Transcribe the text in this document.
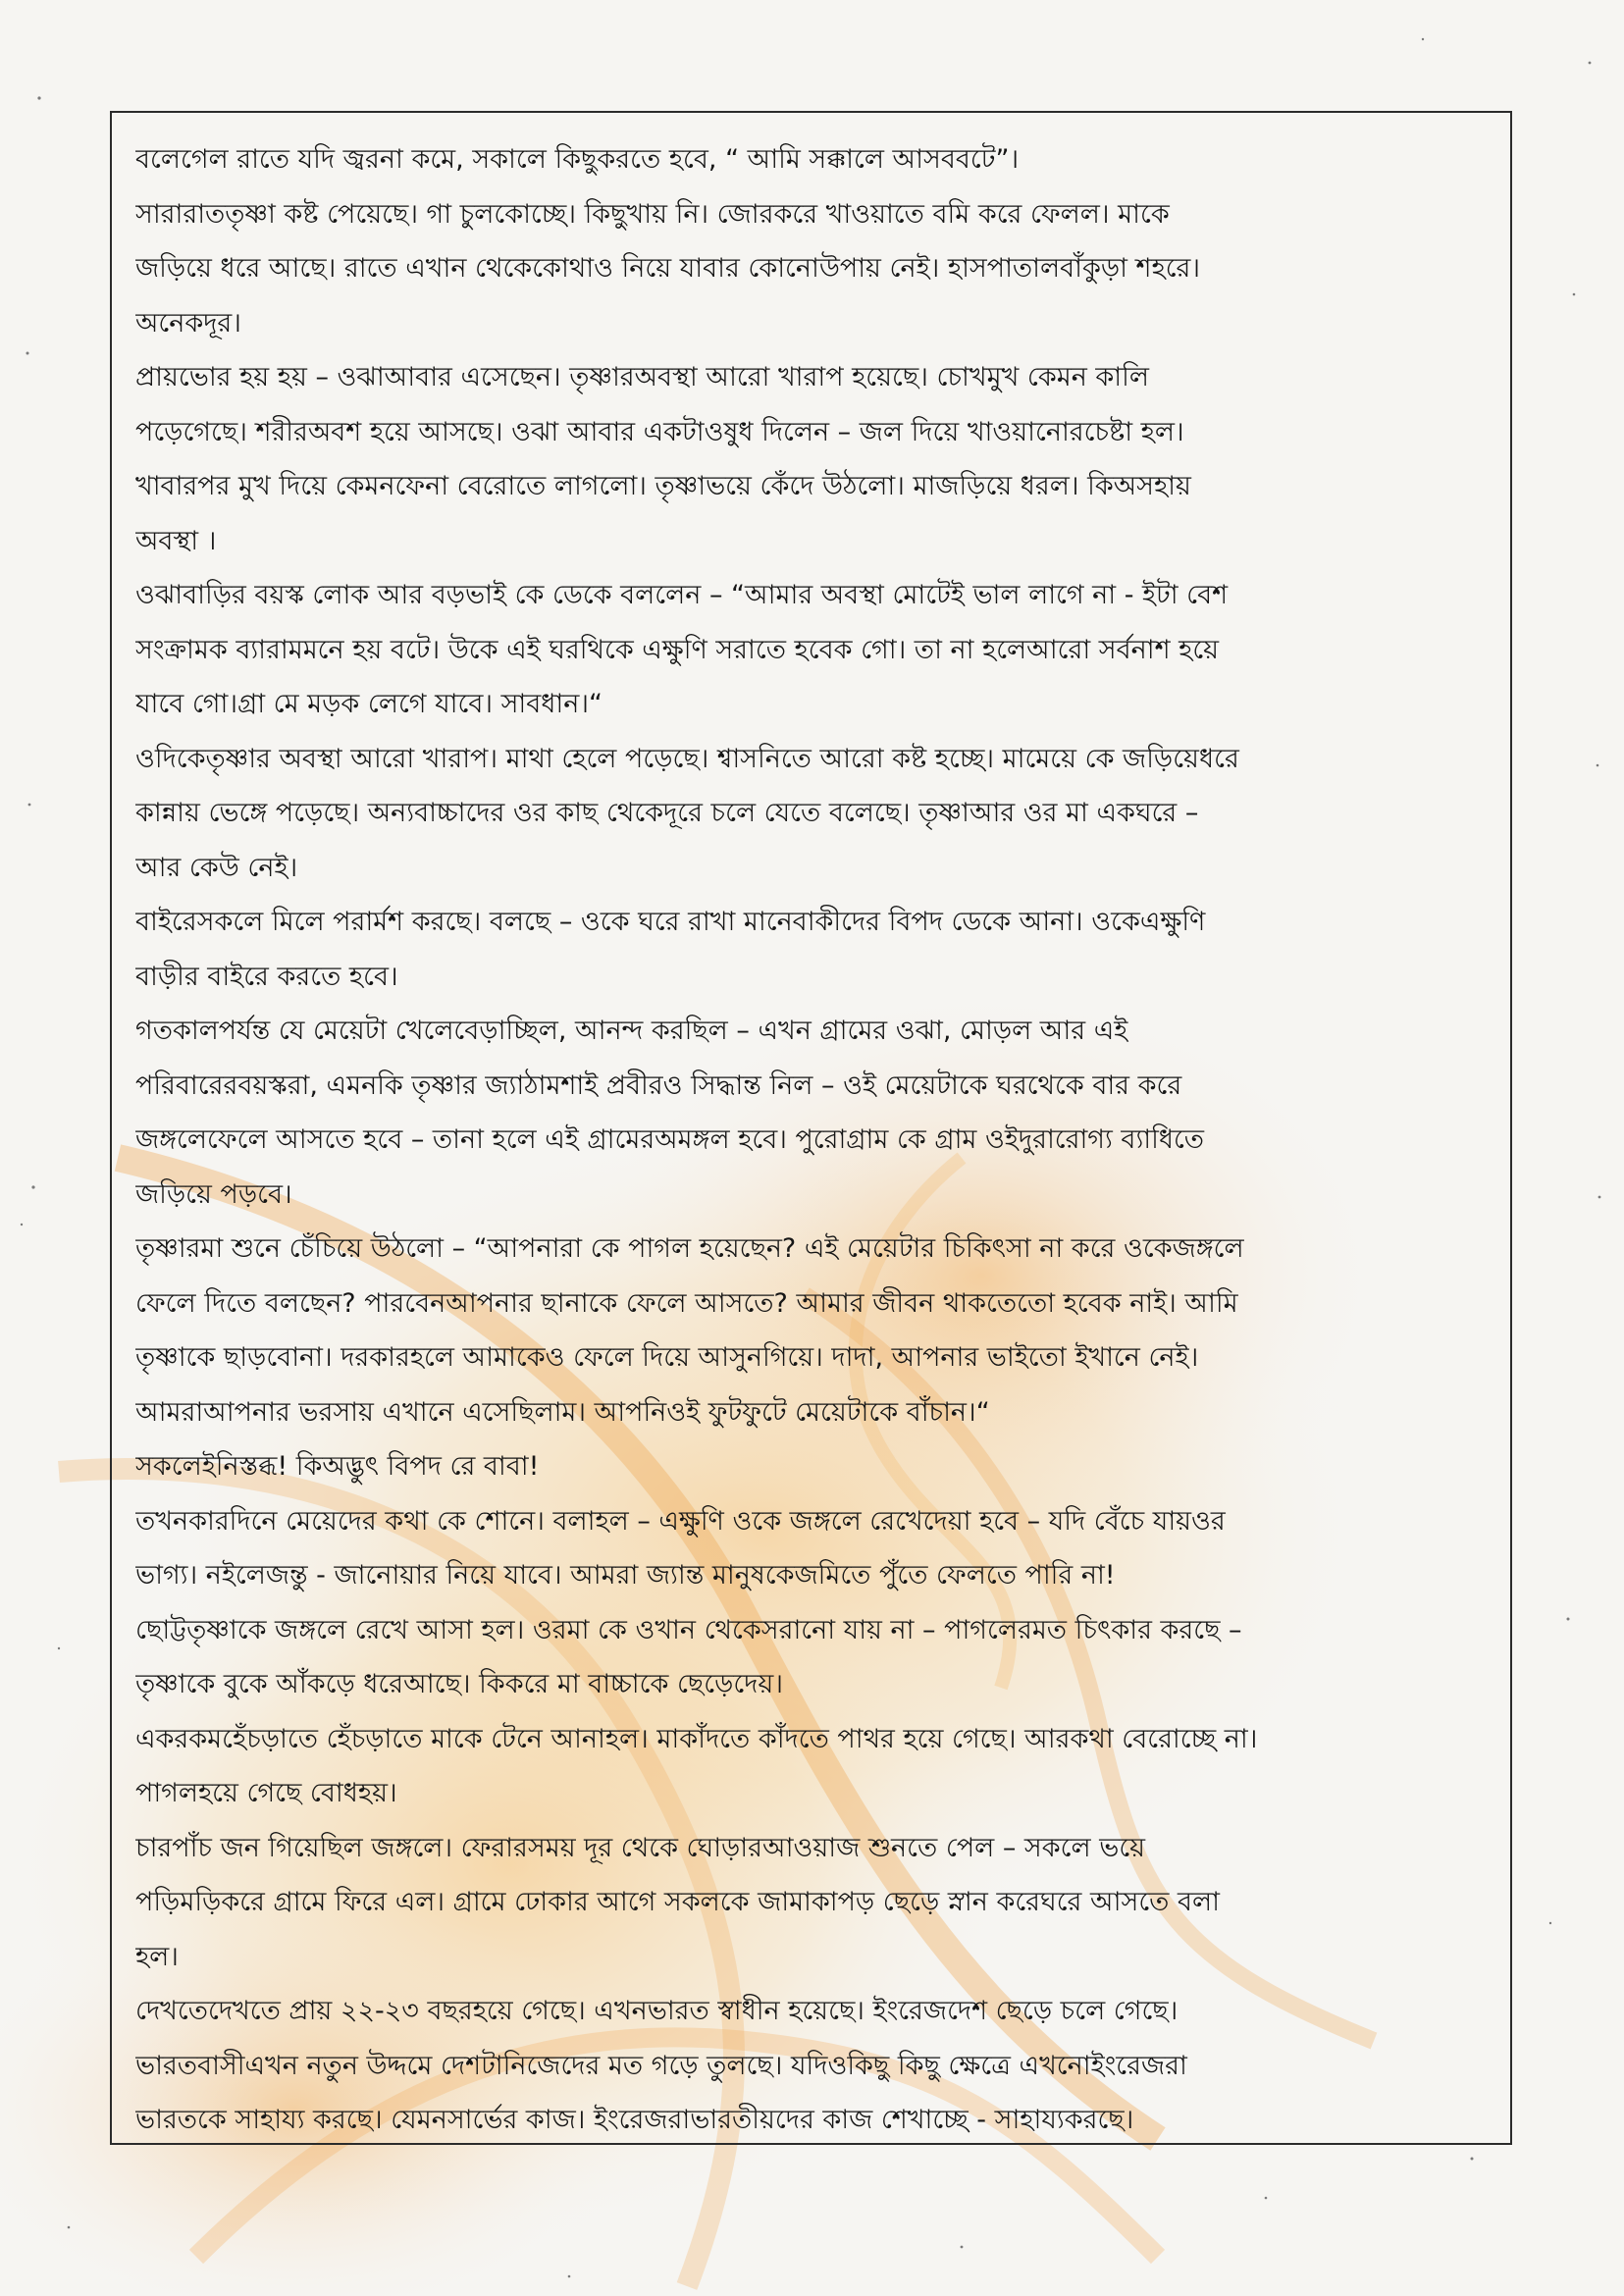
বলেগেল রাতে যদি জ্বরনা কমে, সকালে কিছুকরতে হবে, “ আমি সক্কালে আসববটে”।
সারারাততৃষ্ণা কষ্ট পেয়েছে। গা চুলকোচ্ছে। কিছুখায় নি। জোরকরে খাওয়াতে বমি করে ফেলল। মাকে
জড়িয়ে ধরে আছে। রাতে এখান থেকেকোথাও নিয়ে যাবার কোনোউপায় নেই। হাসপাতালবাঁকুড়া শহরে।
অনেকদূর।
প্রায়ভোর হয় হয় – ওঝাআবার এসেছেন। তৃষ্ণারঅবস্থা আরো খারাপ হয়েছে। চোখমুখ কেমন কালি
পড়েগেছে। শরীরঅবশ হয়ে আসছে। ওঝা আবার একটাওষুধ দিলেন – জল দিয়ে খাওয়ানোরচেষ্টা হল।
খাবারপর মুখ দিয়ে কেমনফেনা বেরোতে লাগলো। তৃষ্ণাভয়ে কেঁদে উঠলো। মাজড়িয়ে ধরল। কিঅসহায়
অবস্থা ।
ওঝাবাড়ির বয়স্ক লোক আর বড়ভাই কে ডেকে বললেন – “আমার অবস্থা মোটেই ভাল লাগে না - ইটা বেশ
সংক্রামক ব্যারামমনে হয় বটে। উকে এই ঘরথিকে এক্ষুণি সরাতে হবেক গো। তা না হলেআরো সর্বনাশ হয়ে
যাবে গো।গ্রা মে মড়ক লেগে যাবে। সাবধান।“
ওদিকেতৃষ্ণার অবস্থা আরো খারাপ। মাথা হেলে পড়েছে। শ্বাসনিতে আরো কষ্ট হচ্ছে। মামেয়ে কে জড়িয়েধরে
কান্নায় ভেঙ্গে পড়েছে। অন্যবাচ্চাদের ওর কাছ থেকেদূরে চলে যেতে বলেছে। তৃষ্ণাআর ওর মা একঘরে –
আর কেউ নেই।
বাইরেসকলে মিলে পরার্মশ করছে। বলছে – ওকে ঘরে রাখা মানেবাকীদের বিপদ ডেকে আনা। ওকেএক্ষুণি
বাড়ীর বাইরে করতে হবে।
গতকালপর্যন্ত যে মেয়েটা খেলেবেড়াচ্ছিল, আনন্দ করছিল – এখন গ্রামের ওঝা, মোড়ল আর এই
পরিবারেরবয়স্করা, এমনকি তৃষ্ণার জ্যাঠামশাই প্রবীরও সিদ্ধান্ত নিল – ওই মেয়েটাকে ঘরথেকে বার করে
জঙ্গলেফেলে আসতে হবে – তানা হলে এই গ্রামেরঅমঙ্গল হবে। পুরোগ্রাম কে গ্রাম ওইদুরারোগ্য ব্যাধিতে
জড়িয়ে পড়বে।
তৃষ্ণারমা শুনে চেঁচিয়ে উঠলো – “আপনারা কে পাগল হয়েছেন? এই মেয়েটার চিকিৎসা না করে ওকেজঙ্গলে
ফেলে দিতে বলছেন? পারবেনআপনার ছানাকে ফেলে আসতে? আমার জীবন থাকতেতো হবেক নাই। আমি
তৃষ্ণাকে ছাড়বোনা। দরকারহলে আমাকেও ফেলে দিয়ে আসুনগিয়ে। দাদা, আপনার ভাইতো ইখানে নেই।
আমরাআপনার ভরসায় এখানে এসেছিলাম। আপনিওই ফুটফুটে মেয়েটাকে বাঁচান।“
সকলেইনিস্তব্ধ! কিঅদ্ভুৎ বিপদ রে বাবা!
তখনকারদিনে মেয়েদের কথা কে শোনে। বলাহল – এক্ষুণি ওকে জঙ্গলে রেখেদেয়া হবে – যদি বেঁচে যায়ওর
ভাগ্য। নইলেজন্তু - জানোয়ার নিয়ে যাবে। আমরা জ্যান্ত মানুষকেজমিতে পুঁতে ফেলতে পারি না!
ছোট্টতৃষ্ণাকে জঙ্গলে রেখে আসা হল। ওরমা কে ওখান থেকেসরানো যায় না – পাগলেরমত চিৎকার করছে –
তৃষ্ণাকে বুকে আঁকড়ে ধরেআছে। কিকরে মা বাচ্চাকে ছেড়েদেয়।
একরকমহেঁচড়াতে হেঁচড়াতে মাকে টেনে আনাহল। মাকাঁদতে কাঁদতে পাথর হয়ে গেছে। আরকথা বেরোচ্ছে না।
পাগলহয়ে গেছে বোধহয়।
চারপাঁচ জন গিয়েছিল জঙ্গলে। ফেরারসময় দূর থেকে ঘোড়ারআওয়াজ শুনতে পেল – সকলে ভয়ে
পড়িমড়িকরে গ্রামে ফিরে এল। গ্রামে ঢোকার আগে সকলকে জামাকাপড় ছেড়ে স্নান করেঘরে আসতে বলা
হল।
দেখতেদেখতে প্রায় ২২-২৩ বছরহয়ে গেছে। এখনভারত স্বাধীন হয়েছে। ইংরেজদেশ ছেড়ে চলে গেছে।
ভারতবাসীএখন নতুন উদ্দমে দেশটানিজেদের মত গড়ে তুলছে। যদিওকিছু কিছু ক্ষেত্রে এখনোইংরেজরা
ভারতকে সাহায্য করছে। যেমনসার্ভের কাজ। ইংরেজরাভারতীয়দের কাজ শেখাচ্ছে - সাহায্যকরছে।
